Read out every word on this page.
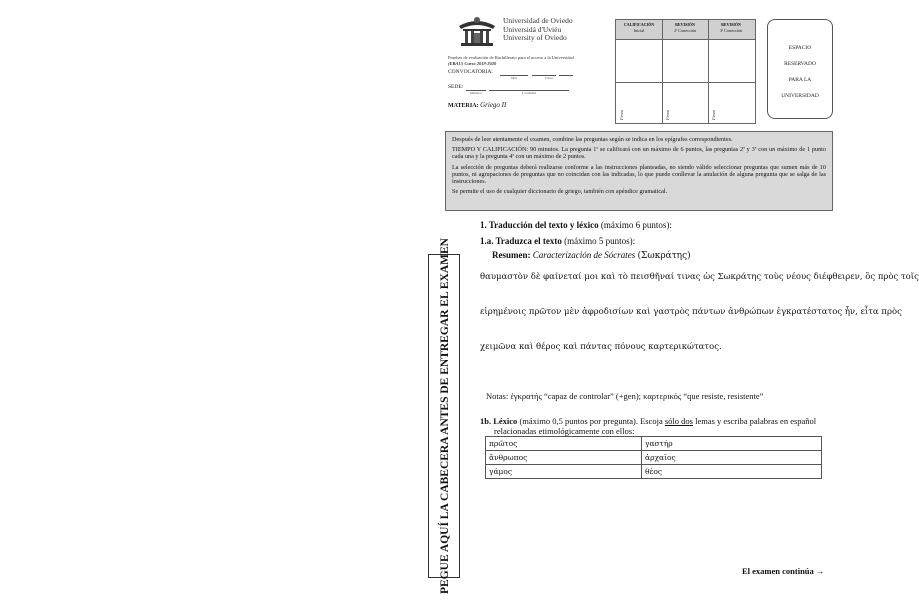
Universidad de Oviedo
Universidá d'Uviéu
University of Oviedo
Pruebas de evaluación de Bachillerato para el acceso a la Universidad
(EBAU) Curso 2019-2020
CONVOCATORIA:
Mes	Curso
SEDE:
Número	Localidad
MATERIA: Griego II
CALIFICACIÓN
Inicial
Firma
REVISIÓN
2ª Corrección
Firma
REVISIÓN
3ª Corrección
Firma
ESPACIO
RESERVADO
PARA LA
UNIVERSIDAD

Después de leer atentamente el examen, combine las preguntas según se indica en los epígrafes correspondientes.

TIEMPO Y CALIFICACIÓN: 90 minutos. La pregunta 1ª se calificará con un máximo de 6 puntos, las preguntas 2ª y 3ª con un máximo de 1 punto cada una y la pregunta 4ª con un máximo de 2 puntos.

La selección de preguntas deberá realizarse conforme a las instrucciones planteadas, no siendo válido seleccionar preguntas que sumen más de 10 puntos, ni agrupaciones de preguntas que no coincidan con las indicadas, lo que puede conllevar la anulación de alguna pregunta que se salga de las instrucciones.

Se permite el uso de cualquier diccionario de griego, también con apéndice gramatical.

PEGUE AQUÍ LA CABECERA ANTES DE ENTREGAR EL EXAMEN
1. Traducción del texto y léxico (máximo 6 puntos):
1.a. Traduzca el texto (máximo 5 puntos):
Resumen: Caracterización de Sócrates (Σωκράτης)
θαυμαστὸν δὲ φαίνεταί μοι καὶ τὸ πεισθῆναί τινας ὡς Σωκράτης τοὺς νέους διέφθειρεν, ὃς πρὸς τοῖς
εἰρημένοις πρῶτον μὲν ἀφροδισίων καὶ γαστρὸς πάντων ἀνθρώπων ἐγκρατέστατος ἦν, εἶτα πρὸς
χειμῶνα καὶ θέρος καὶ πάντας πόνους καρτερικώτατος.
Notas: ἐγκρατής “capaz de controlar” (+gen); καρτερικός “que resiste, resistente”
1b. Léxico (máximo 0,5 puntos por pregunta). Escoja sólo dos lemas y escriba palabras en español
relacionadas etimológicamente con ellos:
πρῶτος	γαστήρ
ἄνθρωπος	ἀρχαῖος
γάμος	θέος
El examen continúa →
